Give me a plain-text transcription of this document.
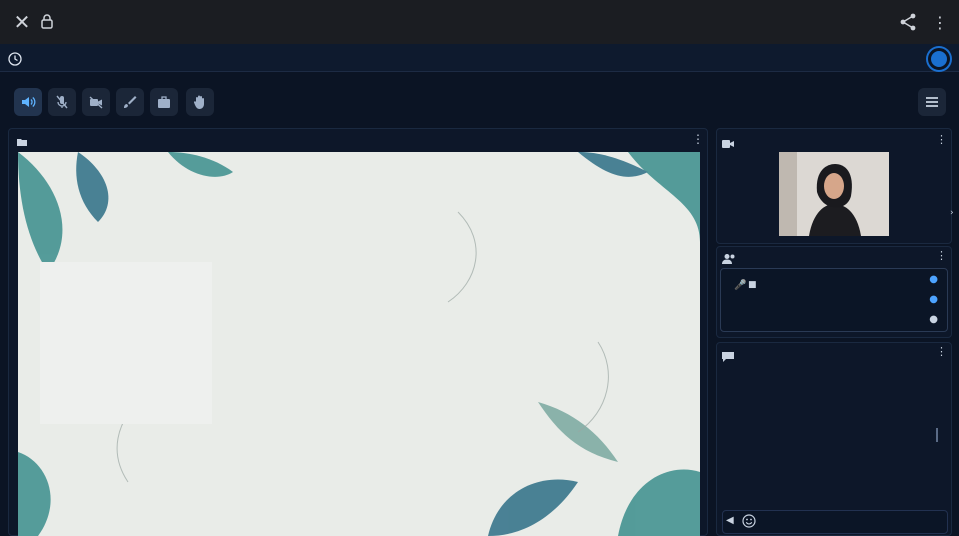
✕	⋮
⋮	⋮
›
⋮
●
●
🎤 ■
●
⋮
◀
